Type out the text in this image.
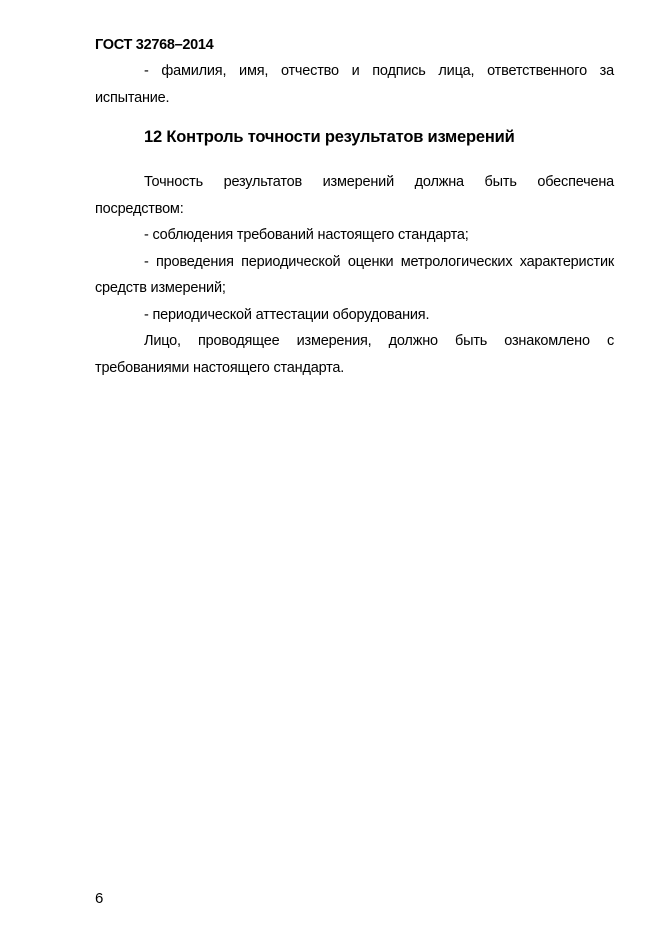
ГОСТ 32768–2014

- фамилия, имя, отчество и подпись лица, ответственного за испытание.

12 Контроль точности результатов измерений

Точность результатов измерений должна быть обеспечена посредством:

- соблюдения требований настоящего стандарта;

- проведения периодической оценки метрологических характеристик средств измерений;

- периодической аттестации оборудования.

Лицо, проводящее измерения, должно быть ознакомлено с требованиями настоящего стандарта.

6
